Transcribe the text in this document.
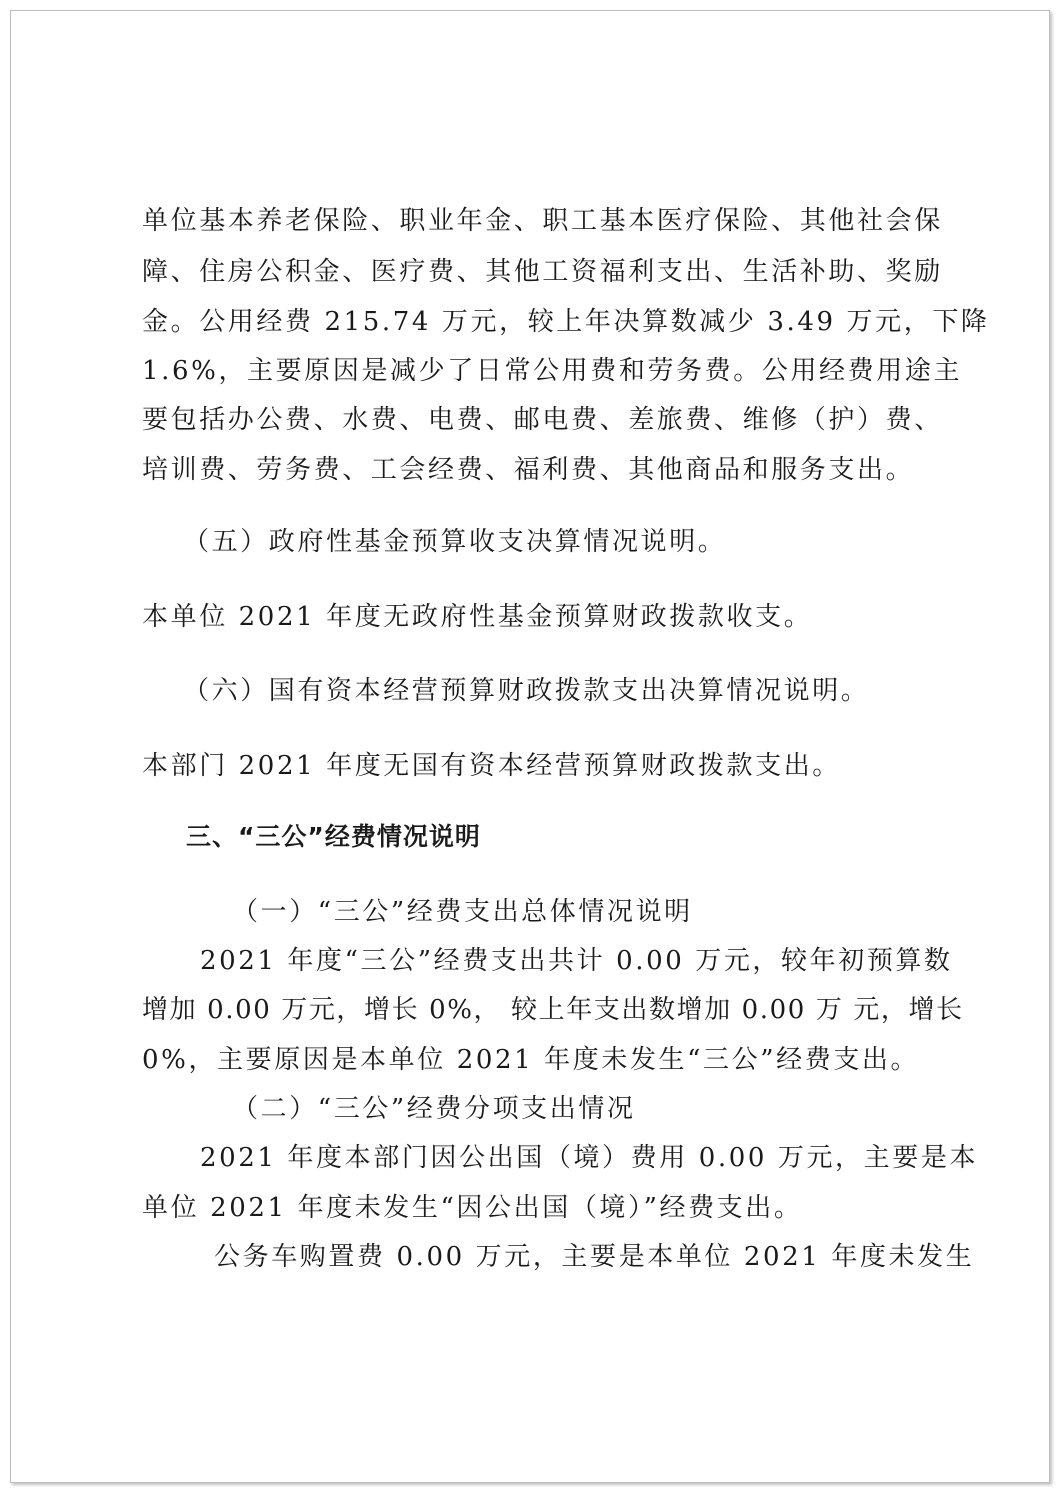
单位基本养老保险、职业年金、职工基本医疗保险、其他社会保
障、住房公积金、医疗费、其他工资福利支出、生活补助、奖励
金。公用经费 215.74 万元，较上年决算数减少 3.49 万元，下降
1.6%，主要原因是减少了日常公用费和劳务费。公用经费用途主
要包括办公费、水费、电费、邮电费、差旅费、维修（护）费、
培训费、劳务费、工会经费、福利费、其他商品和服务支出。
（五）政府性基金预算收支决算情况说明。
本单位 2021 年度无政府性基金预算财政拨款收支。
（六）国有资本经营预算财政拨款支出决算情况说明。
本部门 2021 年度无国有资本经营预算财政拨款支出。
三、“三公”经费情况说明
（一）“三公”经费支出总体情况说明
2021 年度“三公”经费支出共计 0.00 万元，较年初预算数
增加 0.00 万元，增长 0%， 较上年支出数增加 0.00 万 元，增长
0%，主要原因是本单位 2021 年度未发生“三公”经费支出。
（二）“三公”经费分项支出情况
2021 年度本部门因公出国（境）费用 0.00 万元，主要是本
单位 2021 年度未发生“因公出国（境）”经费支出。
公务车购置费 0.00 万元，主要是本单位 2021 年度未发生
